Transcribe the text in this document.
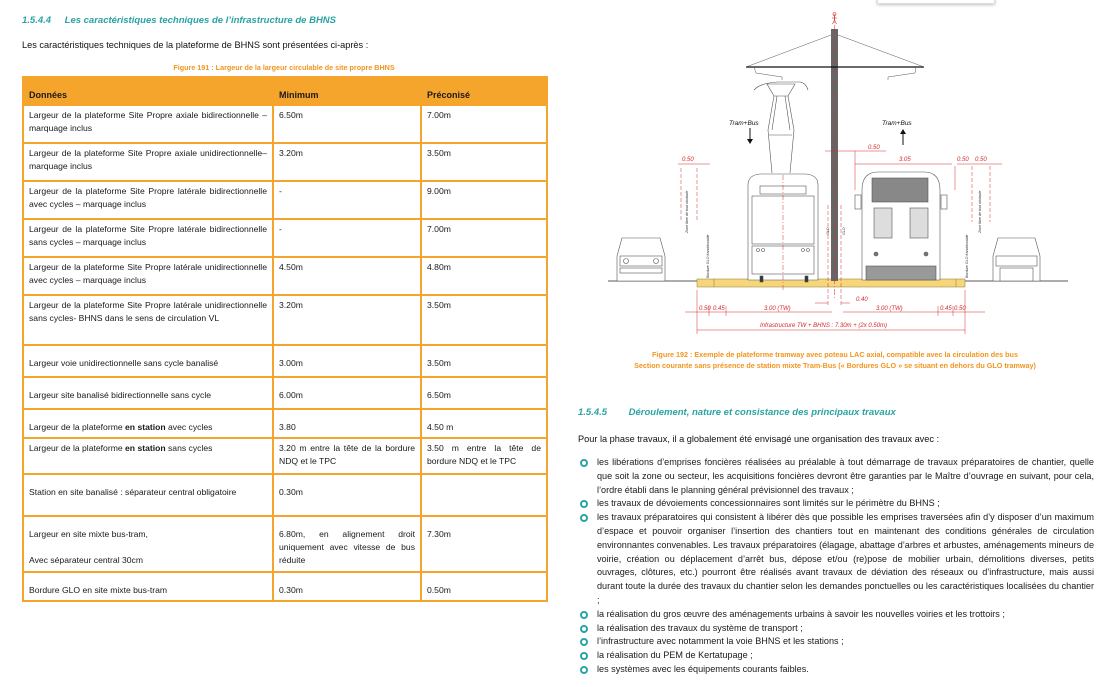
1.5.4.4 Les caractéristiques techniques de l’infrastructure de BHNS
Les caractéristiques techniques de la plateforme de BHNS sont présentées ci-après :
Figure 191 : Largeur de la largeur circulable de site propre BHNS
Données	Minimum	Préconisé
Largeur de la plateforme Site Propre axiale bidirectionnelle – marquage inclus	6.50m	7.00m
Largeur de la plateforme Site Propre axiale unidirectionnelle– marquage inclus	3.20m	3.50m
Largeur de la plateforme Site Propre latérale bidirectionnelle avec cycles – marquage inclus	-	9.00m
Largeur de la plateforme Site Propre latérale bidirectionnelle sans cycles – marquage inclus	-	7.00m
Largeur de la plateforme Site Propre latérale unidirectionnelle avec cycles – marquage inclus	4.50m	4.80m
Largeur de la plateforme Site Propre latérale unidirectionnelle sans cycles- BHNS dans le sens de circulation VL	3.20m	3.50m

Largeur voie unidirectionnelle sans cycle banalisé	3.00m	3.50m

Largeur site banalisé bidirectionnelle sans cycle	6.00m	6.50m

Largeur de la plateforme en station avec cycles	3.80	4.50 m

Largeur de la plateforme en station sans cycles	3.20 m entre la tête de la bordure NDQ et le TPC	3.50 m entre la tête de bordure NDQ et le TPC

Station en site banalisé : séparateur central obligatoire	0.30m	

Largeur en site mixte bus-tram,
Avec séparateur central 30cm	6.80m, en alignement droit uniquement avec vitesse de bus réduite	7.30m

Bordure GLO en site mixte bus-tram	0.30m	0.50m
Zone libre de tout obstacle
Bordure GLO franchissable
Zone libre de tout obstacle
Bordure GLO franchissable
GLO	GLO
0.50
0.50
3.05	0.50 0.50
0.50 0.45	3.00 (TW)
0.40
3.00 (TW)	0.45 0.50
Infrastructure TW + BHNS : 7.30m + (2x 0.50m)
Tram+Bus	Tram+Bus
Figure 192 : Exemple de plateforme tramway avec poteau LAC axial, compatible avec la circulation des bus
Section courante sans présence de station mixte Tram-Bus (« Bordures GLO » se situant en dehors du GLO tramway)
1.5.4.5 Déroulement, nature et consistance des principaux travaux
Pour la phase travaux, il a globalement été envisagé une organisation des travaux avec :
les libérations d’emprises foncières réalisées au préalable à tout démarrage de travaux préparatoires de chantier, quelle que soit la zone ou secteur, les acquisitions foncières devront être garanties par le Maître d’ouvrage en suivant, pour cela, l’ordre établi dans le planning général prévisionnel des travaux ;
les travaux de dévoiements concessionnaires sont limités sur le périmètre du BHNS ;
les travaux préparatoires qui consistent à libérer dès que possible les emprises traversées afin d’y disposer d’un maximum d’espace et pouvoir organiser l’insertion des chantiers tout en maintenant des conditions générales de circulation environnantes convenables. Les travaux préparatoires (élagage, abattage d’arbres et arbustes, aménagements mineurs de voirie, création ou déplacement d’arrêt bus, dépose et/ou (re)pose de mobilier urbain, démolitions diverses, petits ouvrages, clôtures, etc.) pourront être réalisés avant travaux de déviation des réseaux ou d’infrastructure, mais aussi durant toute la durée des travaux du chantier selon les demandes ponctuelles ou les caractéristiques localisées du chantier ;
la réalisation du gros œuvre des aménagements urbains à savoir les nouvelles voiries et les trottoirs ;
la réalisation des travaux du système de transport ;
l’infrastructure avec notamment la voie BHNS et les stations ;
la réalisation du PEM de Kertatupage ;
les systèmes avec les équipements courants faibles.
